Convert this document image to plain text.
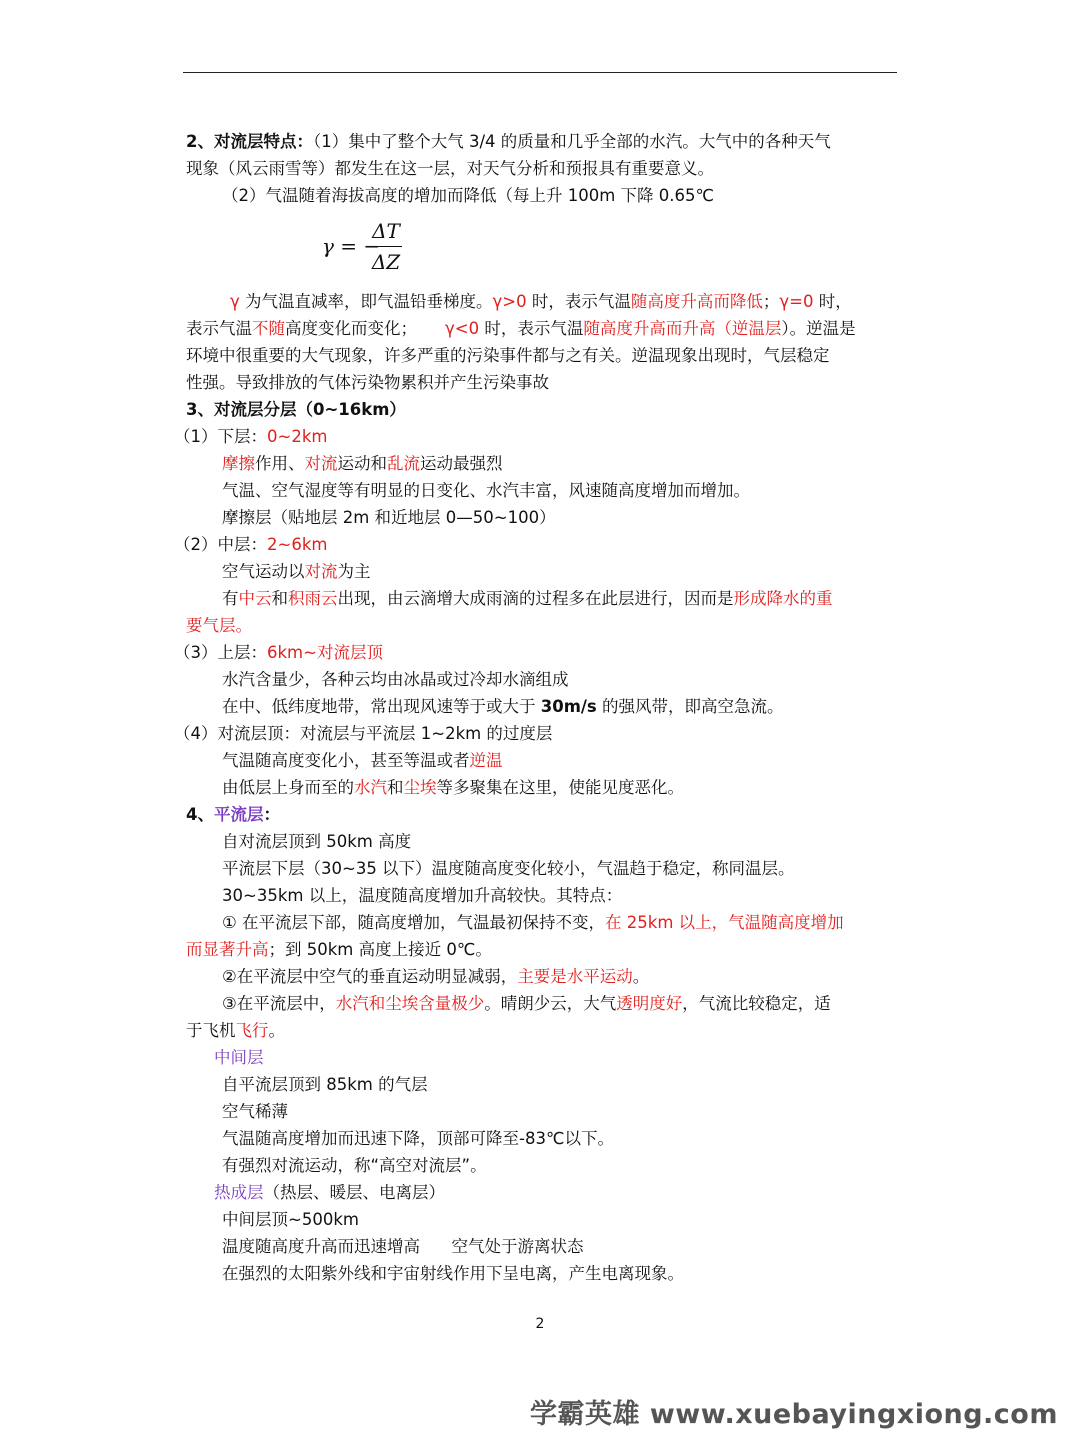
2、对流层特点：（1）集中了整个大气 3/4 的质量和几乎全部的水汽。大气中的各种天气
现象（风云雨雪等）都发生在这一层，对天气分析和预报具有重要意义。
（2）气温随着海拔高度的增加而降低（每上升 100m 下降 0.65℃
γ = −
ΔT
ΔZ
γ 为气温直减率，即气温铅垂梯度。γ>0 时，表示气温随高度升高而降低；γ=0 时，
表示气温不随高度变化而变化； γ<0 时，表示气温随高度升高而升高（逆温层）。逆温是
环境中很重要的大气现象，许多严重的污染事件都与之有关。逆温现象出现时，气层稳定
性强。导致排放的气体污染物累积并产生污染事故
3、对流层分层（0~16km）
（1）下层：0~2km
摩擦作用、对流运动和乱流运动最强烈
气温、空气湿度等有明显的日变化、水汽丰富，风速随高度增加而增加。
摩擦层（贴地层 2m 和近地层 0—50~100）
（2）中层：2~6km
空气运动以对流为主
有中云和积雨云出现，由云滴增大成雨滴的过程多在此层进行，因而是形成降水的重
要气层。
（3）上层：6km~对流层顶
水汽含量少，各种云均由冰晶或过冷却水滴组成
在中、低纬度地带，常出现风速等于或大于 30m/s 的强风带，即高空急流。
（4）对流层顶：对流层与平流层 1~2km 的过度层
气温随高度变化小，甚至等温或者逆温
由低层上身而至的水汽和尘埃等多聚集在这里，使能见度恶化。
4、平流层：
自对流层顶到 50km 高度
平流层下层（30~35 以下）温度随高度变化较小，气温趋于稳定，称同温层。
30~35km 以上，温度随高度增加升高较快。其特点：
① 在平流层下部，随高度增加，气温最初保持不变，在 25km 以上，气温随高度增加
而显著升高；到 50km 高度上接近 0℃。
②在平流层中空气的垂直运动明显减弱，主要是水平运动。
③在平流层中，水汽和尘埃含量极少。晴朗少云，大气透明度好，气流比较稳定，适
于飞机飞行。
中间层
自平流层顶到 85km 的气层
空气稀薄
气温随高度增加而迅速下降，顶部可降至-83℃以下。
有强烈对流运动，称“高空对流层”。
热成层（热层、暖层、电离层）
中间层顶~500km
温度随高度升高而迅速增高      空气处于游离状态
在强烈的太阳紫外线和宇宙射线作用下呈电离，产生电离现象。
2
学霸英雄 www.xuebayingxiong.com
